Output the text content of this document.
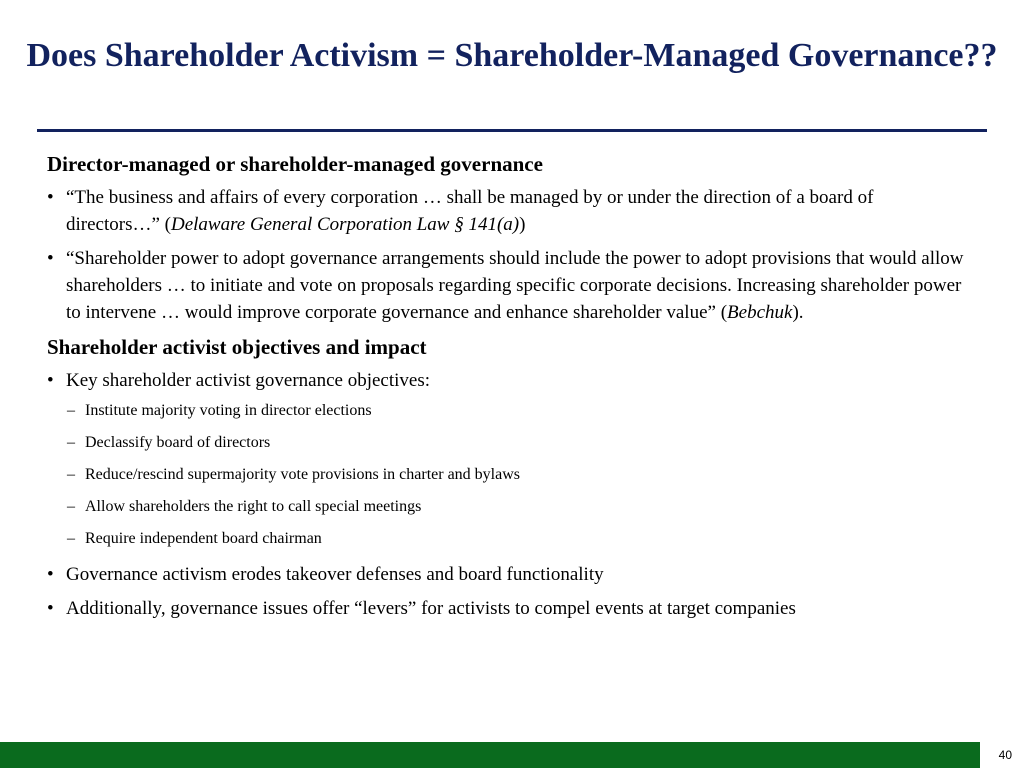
Does Shareholder Activism = Shareholder-Managed Governance??
Director-managed or shareholder-managed governance
• “The business and affairs of every corporation … shall be managed by or under the direction of a board of directors…” (Delaware General Corporation Law § 141(a))
• “Shareholder power to adopt governance arrangements should include the power to adopt provisions that would allow shareholders … to initiate and vote on proposals regarding specific corporate decisions. Increasing shareholder power to intervene … would improve corporate governance and enhance shareholder value” (Bebchuk).
Shareholder activist objectives and impact
• Key shareholder activist governance objectives:
– Institute majority voting in director elections
– Declassify board of directors
– Reduce/rescind supermajority vote provisions in charter and bylaws
– Allow shareholders the right to call special meetings
– Require independent board chairman
• Governance activism erodes takeover defenses and board functionality
• Additionally, governance issues offer “levers” for activists to compel events at target companies
40
